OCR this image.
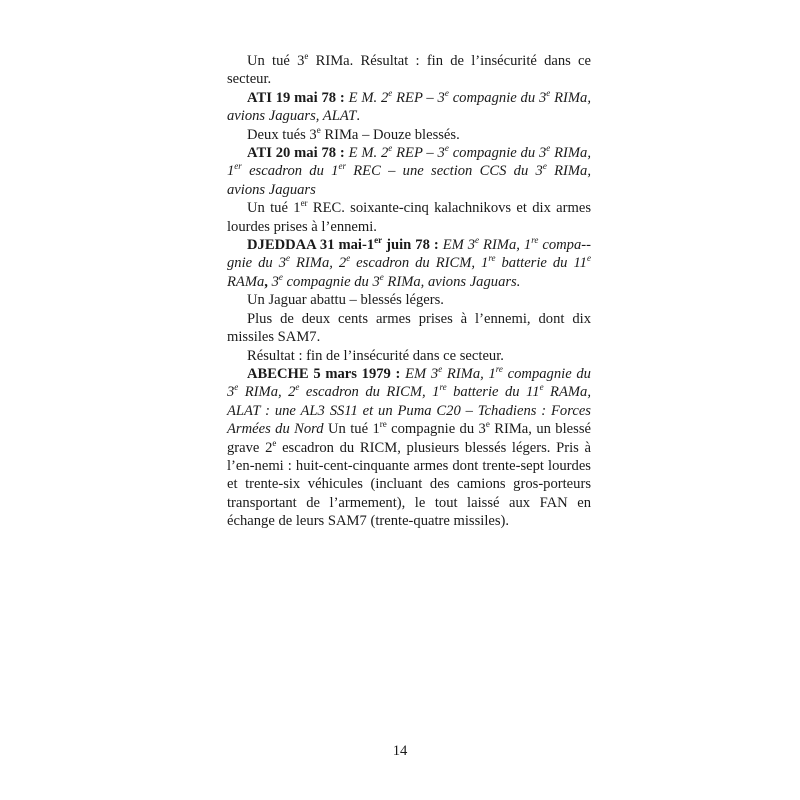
Un tué 3e RIMa. Résultat : fin de l’insécurité dans ce secteur.

ATI 19 mai 78 : E M. 2e REP – 3e compagnie du 3e RIMa, avions Jaguars, ALAT.

Deux tués 3e RIMa – Douze blessés.

ATI 20 mai 78 : E M. 2e REP – 3e compagnie du 3e RIMa, 1er escadron du 1er REC – une section CCS du 3e RIMa, avions Jaguars

Un tué 1er REC. soixante-cinq kalachnikovs et dix armes lourdes prises à l’ennemi.

DJEDDAA 31 mai-1er juin 78 : EM 3e RIMa, 1re compa-gnie du 3e RIMa, 2e escadron du RICM, 1re batterie du 11e RAMa, 3e compagnie du 3e RIMa, avions Jaguars.

Un Jaguar abattu – blessés légers.

Plus de deux cents armes prises à l’ennemi, dont dix missiles SAM7.

Résultat : fin de l’insécurité dans ce secteur.

ABECHE 5 mars 1979 : EM 3e RIMa, 1re compagnie du 3e RIMa, 2e escadron du RICM, 1re batterie du 11e RAMa, ALAT : une AL3 SS11 et un Puma C20 – Tchadiens : Forces Armées du Nord Un tué 1re compagnie du 3e RIMa, un blessé grave 2e escadron du RICM, plusieurs blessés légers. Pris à l’en-nemi : huit-cent-cinquante armes dont trente-sept lourdes et trente-six véhicules (incluant des camions gros-porteurs transportant de l’armement), le tout laissé aux FAN en échange de leurs SAM7 (trente-quatre missiles).

14
